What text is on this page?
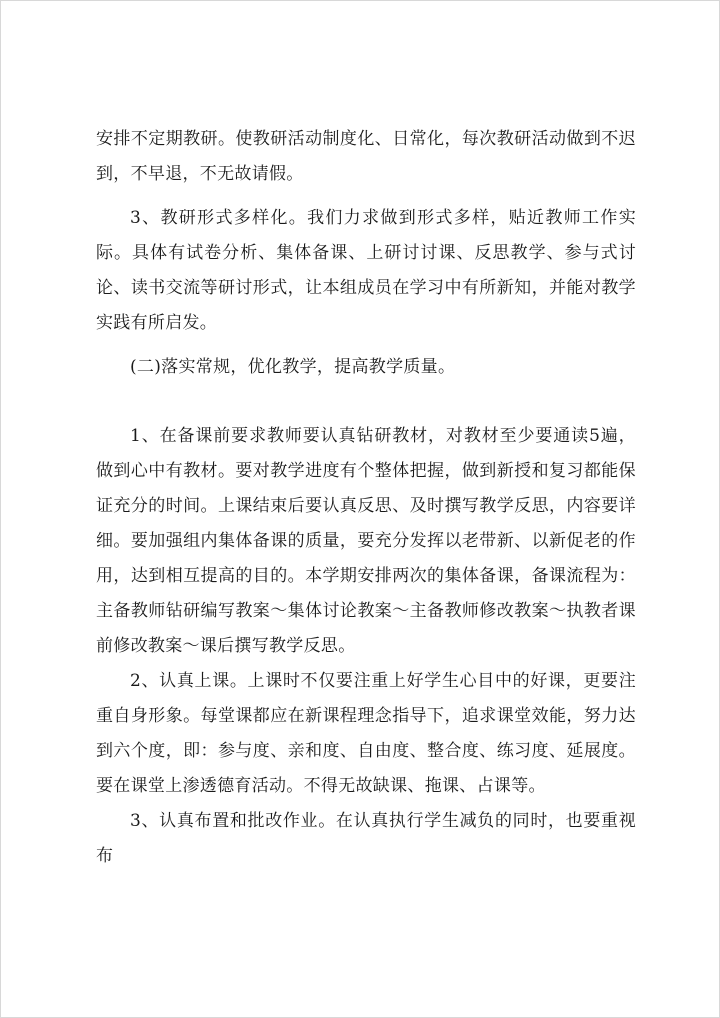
安排不定期教研。使教研活动制度化、日常化，每次教研活动做到不迟到，不早退，不无故请假。

3、教研形式多样化。我们力求做到形式多样，贴近教师工作实际。具体有试卷分析、集体备课、上研讨讨课、反思教学、参与式讨论、读书交流等研讨形式，让本组成员在学习中有所新知，并能对教学实践有所启发。

(二)落实常规，优化教学，提高教学质量。

1、在备课前要求教师要认真钻研教材，对教材至少要通读5遍，做到心中有教材。要对教学进度有个整体把握，做到新授和复习都能保证充分的时间。上课结束后要认真反思、及时撰写教学反思，内容要详细。要加强组内集体备课的质量，要充分发挥以老带新、以新促老的作用，达到相互提高的目的。本学期安排两次的集体备课，备课流程为：主备教师钻研编写教案～集体讨论教案～主备教师修改教案～执教者课前修改教案～课后撰写教学反思。

2、认真上课。上课时不仅要注重上好学生心目中的好课，更要注重自身形象。每堂课都应在新课程理念指导下，追求课堂效能，努力达到六个度，即：参与度、亲和度、自由度、整合度、练习度、延展度。要在课堂上渗透德育活动。不得无故缺课、拖课、占课等。

3、认真布置和批改作业。在认真执行学生减负的同时，也要重视布
